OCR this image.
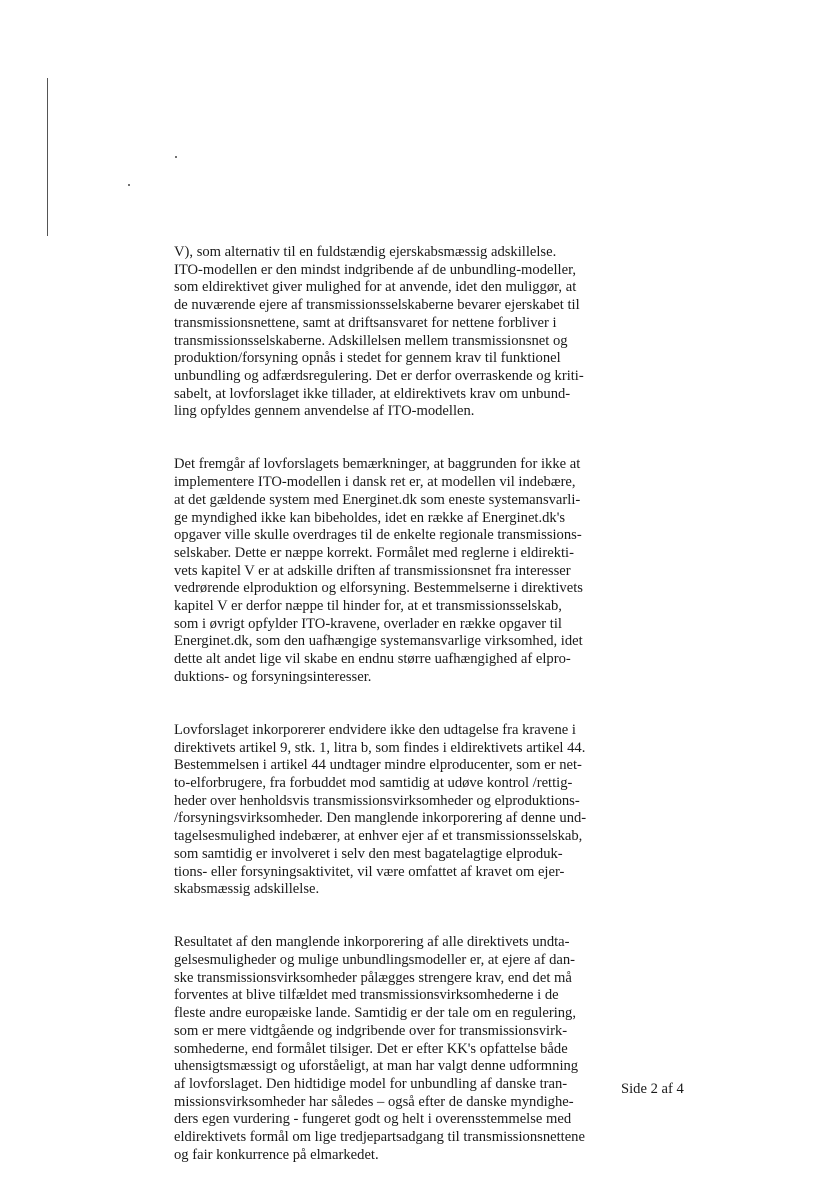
V), som alternativ til en fuldstændig ejerskabsmæssig adskillelse.
ITO-modellen er den mindst indgribende af de unbundling-modeller,
som eldirektivet giver mulighed for at anvende, idet den muliggør, at
de nuværende ejere af transmissionsselskaberne bevarer ejerskabet til
transmissionsnettene, samt at driftsansvaret for nettene forbliver i
transmissionsselskaberne. Adskillelsen mellem transmissionsnet og
produktion/forsyning opnås i stedet for gennem krav til funktionel
unbundling og adfærdsregulering. Det er derfor overraskende og kriti-
sabelt, at lovforslaget ikke tillader, at eldirektivets krav om unbund-
ling opfyldes gennem anvendelse af ITO-modellen.

Det fremgår af lovforslagets bemærkninger, at baggrunden for ikke at
implementere ITO-modellen i dansk ret er, at modellen vil indebære,
at det gældende system med Energinet.dk som eneste systemansvarli-
ge myndighed ikke kan bibeholdes, idet en række af Energinet.dk's
opgaver ville skulle overdrages til de enkelte regionale transmissions-
selskaber. Dette er næppe korrekt. Formålet med reglerne i eldirekti-
vets kapitel V er at adskille driften af transmissionsnet fra interesser
vedrørende elproduktion og elforsyning. Bestemmelserne i direktivets
kapitel V er derfor næppe til hinder for, at et transmissionsselskab,
som i øvrigt opfylder ITO-kravene, overlader en række opgaver til
Energinet.dk, som den uafhængige systemansvarlige virksomhed, idet
dette alt andet lige vil skabe en endnu større uafhængighed af elpro-
duktions- og forsyningsinteresser.

Lovforslaget inkorporerer endvidere ikke den udtagelse fra kravene i
direktivets artikel 9, stk. 1, litra b, som findes i eldirektivets artikel 44.
Bestemmelsen i artikel 44 undtager mindre elproducenter, som er net-
to-elforbrugere, fra forbuddet mod samtidig at udøve kontrol /rettig-
heder over henholdsvis transmissionsvirksomheder og elproduktions-
/forsyningsvirksomheder. Den manglende inkorporering af denne und-
tagelsesmulighed indebærer, at enhver ejer af et transmissionsselskab,
som samtidig er involveret i selv den mest bagatelagtige elproduk-
tions- eller forsyningsaktivitet, vil være omfattet af kravet om ejer-
skabsmæssig adskillelse.

Resultatet af den manglende inkorporering af alle direktivets undta-
gelsesmuligheder og mulige unbundlingsmodeller er, at ejere af dan-
ske transmissionsvirksomheder pålægges strengere krav, end det må
forventes at blive tilfældet med transmissionsvirksomhederne i de
fleste andre europæiske lande. Samtidig er der tale om en regulering,
som er mere vidtgående og indgribende over for transmissionsvirk-
somhederne, end formålet tilsiger. Det er efter KK's opfattelse både
uhensigtsmæssigt og uforståeligt, at man har valgt denne udformning
af lovforslaget. Den hidtidige model for unbundling af danske tran-
missionsvirksomheder har således – også efter de danske myndighe-
ders egen vurdering - fungeret godt og helt i overensstemmelse med
eldirektivets formål om lige tredjepartsadgang til transmissionsnettene
og fair konkurrence på elmarkedet.

Side 2 af 4
